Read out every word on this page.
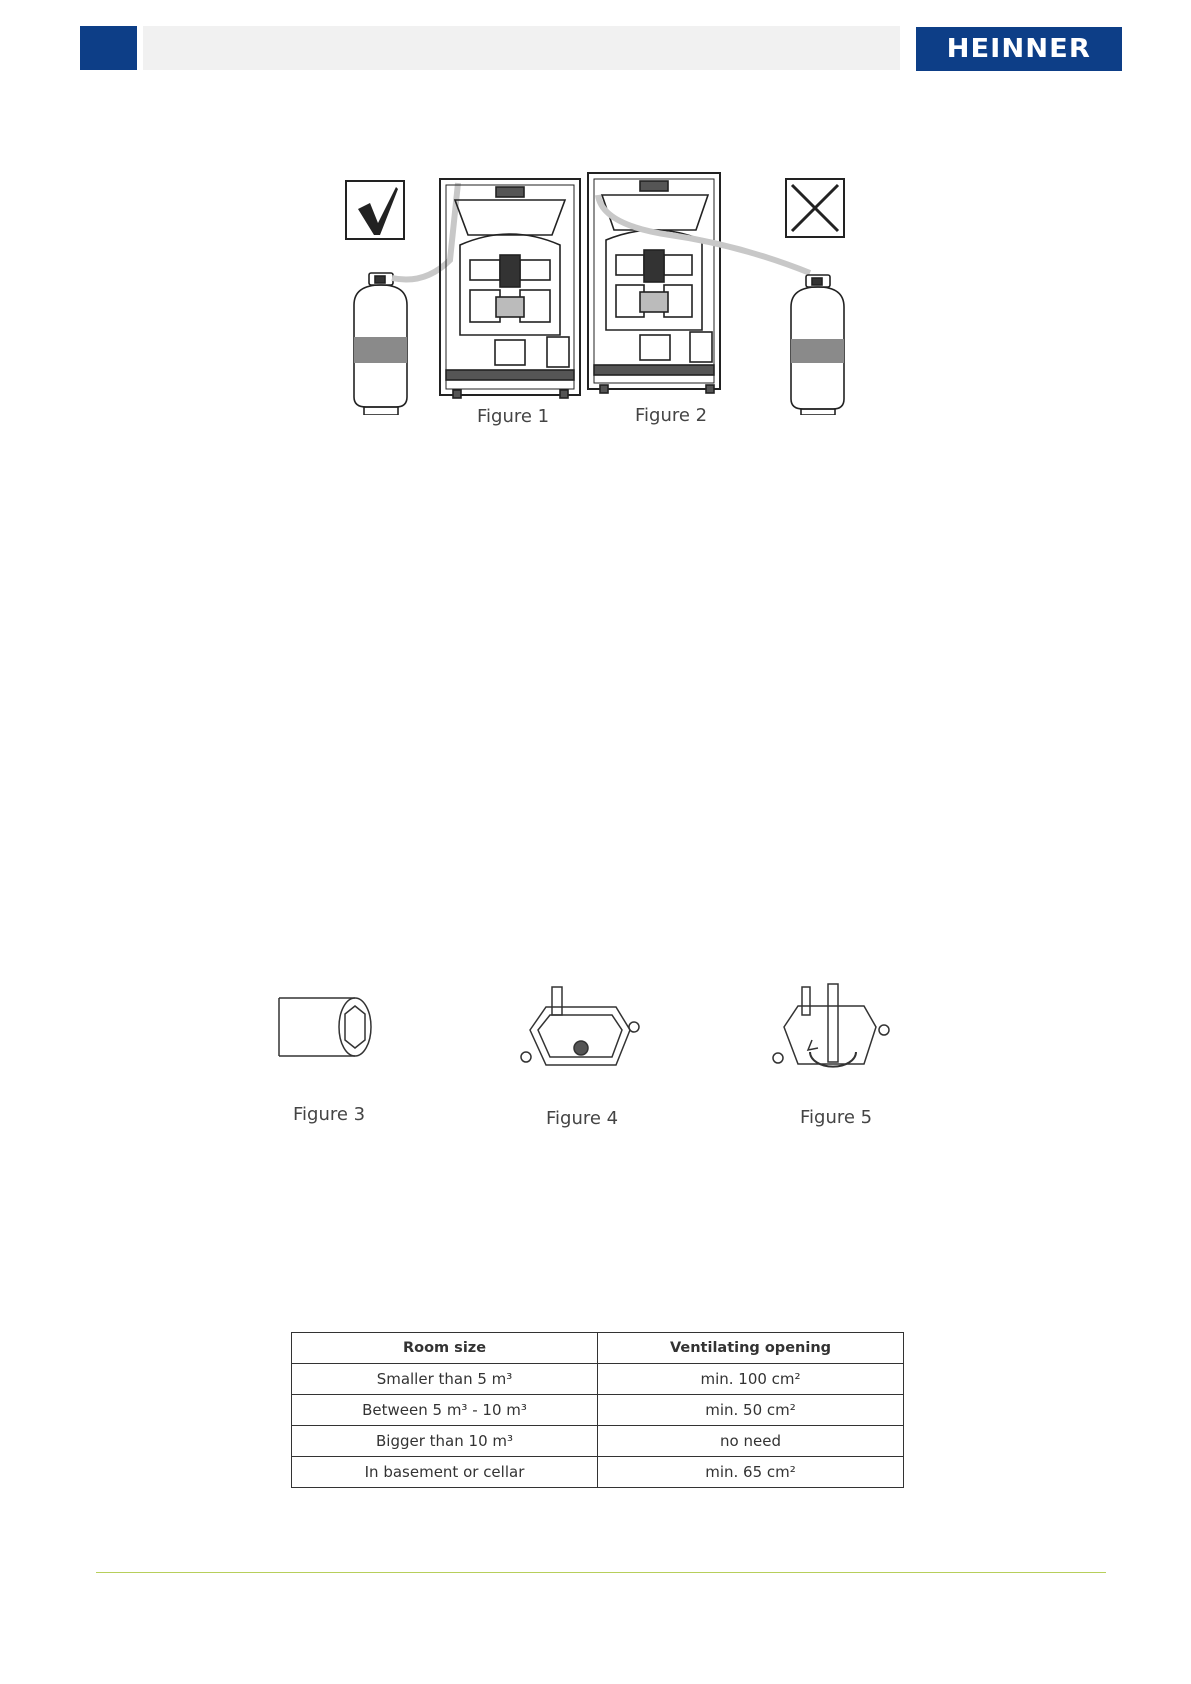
HEINNER
Figure 1	Figure 2
Figure 3	Figure 4	Figure 5
Room size	Ventilating opening
Smaller than 5 m³	min. 100 cm²
Between 5 m³ - 10 m³	min. 50 cm²
Bigger than 10 m³	no need
In basement or cellar	min. 65 cm²
